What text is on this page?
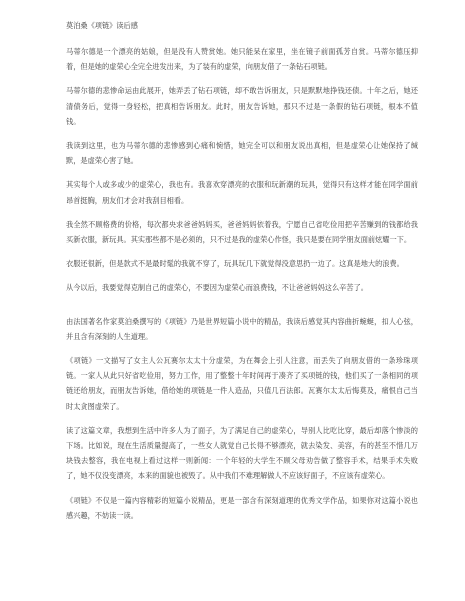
莫泊桑《项链》读后感

马蒂尔德是一个漂亮的姑娘，但是没有人赞赏她。她只能呆在家里，坐在镜子前面孤芳自赏。马蒂尔德压抑着，但是她的虚荣心全完全进发出来，为了装有的虚荣，向朋友借了一条钻石项链。

马蒂尔德的悲惨命运由此展开，她弄丢了钻石项链，却不敢告诉朋友，只是默默地挣钱还债。十年之后，她还清债务后，觉得一身轻松，把真相告诉朋友。此时，朋友告诉她，那只不过是一条假的钻石项链，根本不值钱。

我读到这里，也为马蒂尔德的悲惨感到心痛和惋惜，她完全可以和朋友说出真相，但是虚荣心让她保持了缄默，是虚荣心害了她。

其实每个人或多或少的虚荣心，我也有。我喜欢穿漂亮的衣服和玩新潮的玩具，觉得只有这样才能在同学面前昂首挺胸，朋友们才会对我刮目相看。

我全然不顾格费的价格，每次都央求爸爸妈妈买，爸爸妈妈依着我，宁愿自己省吃俭用把辛苦赚到的钱都给我买新衣服，新玩具。其实那些都不是必须的，只不过是我的虚荣心作怪，我只是要在同学朋友面前炫耀一下。

衣服还很新，但是款式不是最时髦的我就不穿了，玩具玩几下就觉得没意思扔一边了。这真是地大的浪费。

从今以后，我要觉得克制自己的虚荣心，不要因为虚荣心而浪费钱，不让爸爸妈妈这么辛苦了。

由法国著名作家莫泊桑撰写的《项链》乃是世界短篇小说中的精品，我读后感觉其内容曲折蜿蜒，扣人心弦，并且含有深刻的人生道理。

《项链》一文描写了女主人公瓦赛尔太太十分虚荣，为在舞会上引人注意，而丢失了向朋友借的一条珍珠项链。一家人从此只好省吃俭用，努力工作，用了整整十年时间再于凑齐了买项链的钱，他们买了一条相同的项链还给朋友，而朋友告诉她，借给她的项链是一件人造品，只值几百法郎。瓦赛尔太太后悔莫及，痛恨自己当时太贪图虚荣了。

读了这篇文章，我想到生活中许多人为了面子，为了满足自己的虚荣心，导别人比吃比穿，最后却落个惨淡的下场。比如说，现在生活质量提高了，一些女人就觉自己长得不够漂亮，就去染发、美容，有的甚至不惜几万块钱去整容，我在电视上看过这样一则新闻：一个年轻的大学生不顾父母劝告做了整容手术，结果手术失败了，她不仅没变漂亮，本来的面貌也被毁了。从中我们不难理解做人不应该好面子，不应该有虚荣心。

《项链》不仅是一篇内容精彩的短篇小说精品，更是一部含有深刻道理的优秀文学作品，如果你对这篇小说也感兴趣，不妨读一读。
